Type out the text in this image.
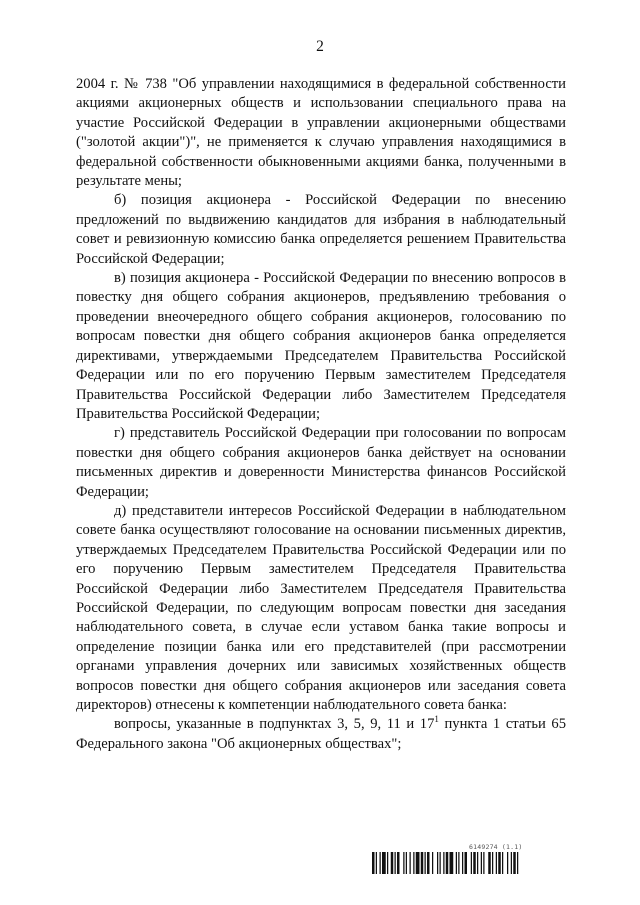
2

2004 г. № 738 "Об управлении находящимися в федеральной собственности акциями акционерных обществ и использовании специального права на участие Российской Федерации в управлении акционерными обществами ("золотой акции")", не применяется к случаю управления находящимися в федеральной собственности обыкновенными акциями банка, полученными в результате мены;

б) позиция акционера - Российской Федерации по внесению предложений по выдвижению кандидатов для избрания в наблюдательный совет и ревизионную комиссию банка определяется решением Правительства Российской Федерации;

в) позиция акционера - Российской Федерации по внесению вопросов в повестку дня общего собрания акционеров, предъявлению требования о проведении внеочередного общего собрания акционеров, голосованию по вопросам повестки дня общего собрания акционеров банка определяется директивами, утверждаемыми Председателем Правительства Российской Федерации или по его поручению Первым заместителем Председателя Правительства Российской Федерации либо Заместителем Председателя Правительства Российской Федерации;

г) представитель Российской Федерации при голосовании по вопросам повестки дня общего собрания акционеров банка действует на основании письменных директив и доверенности Министерства финансов Российской Федерации;

д) представители интересов Российской Федерации в наблюдательном совете банка осуществляют голосование на основании письменных директив, утверждаемых Председателем Правительства Российской Федерации или по его поручению Первым заместителем Председателя Правительства Российской Федерации либо Заместителем Председателя Правительства Российской Федерации, по следующим вопросам повестки дня заседания наблюдательного совета, в случае если уставом банка такие вопросы и определение позиции банка или его представителей (при рассмотрении органами управления дочерних или зависимых хозяйственных обществ вопросов повестки дня общего собрания акционеров или заседания совета директоров) отнесены к компетенции наблюдательного совета банка:

вопросы, указанные в подпунктах 3, 5, 9, 11 и $17^1$ пункта 1 статьи 65 Федерального закона "Об акционерных обществах";

6149274 (1.1)
